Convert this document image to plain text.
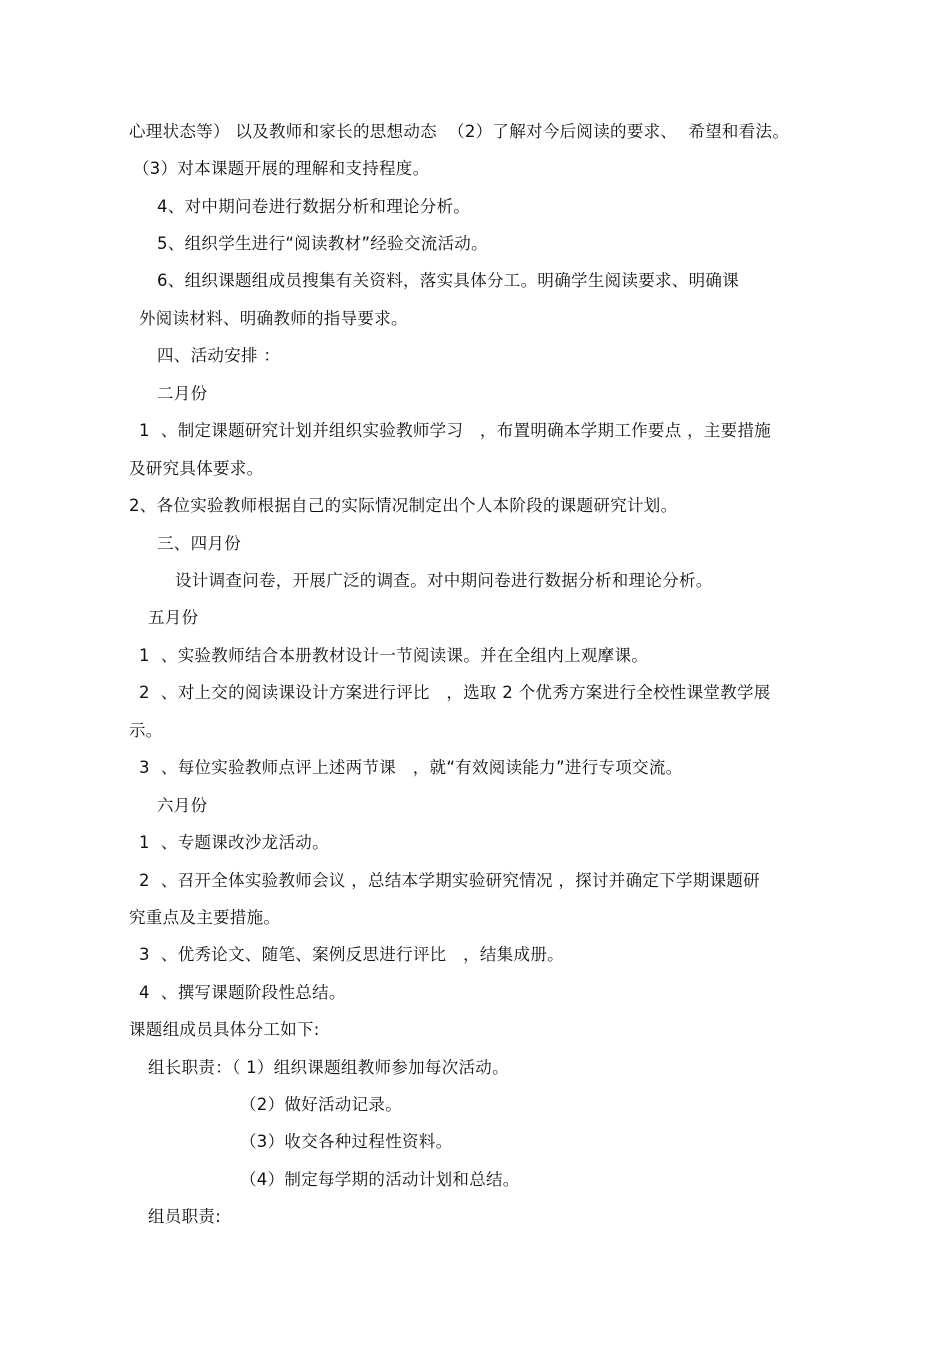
心理状态等） 以及教师和家长的思想动态  （2）了解对今后阅读的要求、  希望和看法。
（3）对本课题开展的理解和支持程度。
4、对中期问卷进行数据分析和理论分析。
5、组织学生进行“阅读教材”经验交流活动。
6、组织课题组成员搜集有关资料，落实具体分工。明确学生阅读要求、明确课
外阅读材料、明确教师的指导要求。
四、活动安排 ：
二月份
1  、制定课题研究计划并组织实验教师学习   ，布置明确本学期工作要点 ，主要措施
及研究具体要求。
2、各位实验教师根据自己的实际情况制定出个人本阶段的课题研究计划。
三、四月份
设计调查问卷，开展广泛的调查。对中期问卷进行数据分析和理论分析。
五月份
1  、实验教师结合本册教材设计一节阅读课。并在全组内上观摩课。
2  、对上交的阅读课设计方案进行评比   ，选取 2 个优秀方案进行全校性课堂教学展
示。
3  、每位实验教师点评上述两节课   ，就“有效阅读能力”进行专项交流。
六月份
1  、专题课改沙龙活动。
2  、召开全体实验教师会议 ，总结本学期实验研究情况 ，探讨并确定下学期课题研
究重点及主要措施。
3  、优秀论文、随笔、案例反思进行评比   ，结集成册。
4  、撰写课题阶段性总结。
课题组成员具体分工如下:
组长职责：（ 1）组织课题组教师参加每次活动。
（2）做好活动记录。
（3）收交各种过程性资料。
（4）制定每学期的活动计划和总结。
组员职责:
